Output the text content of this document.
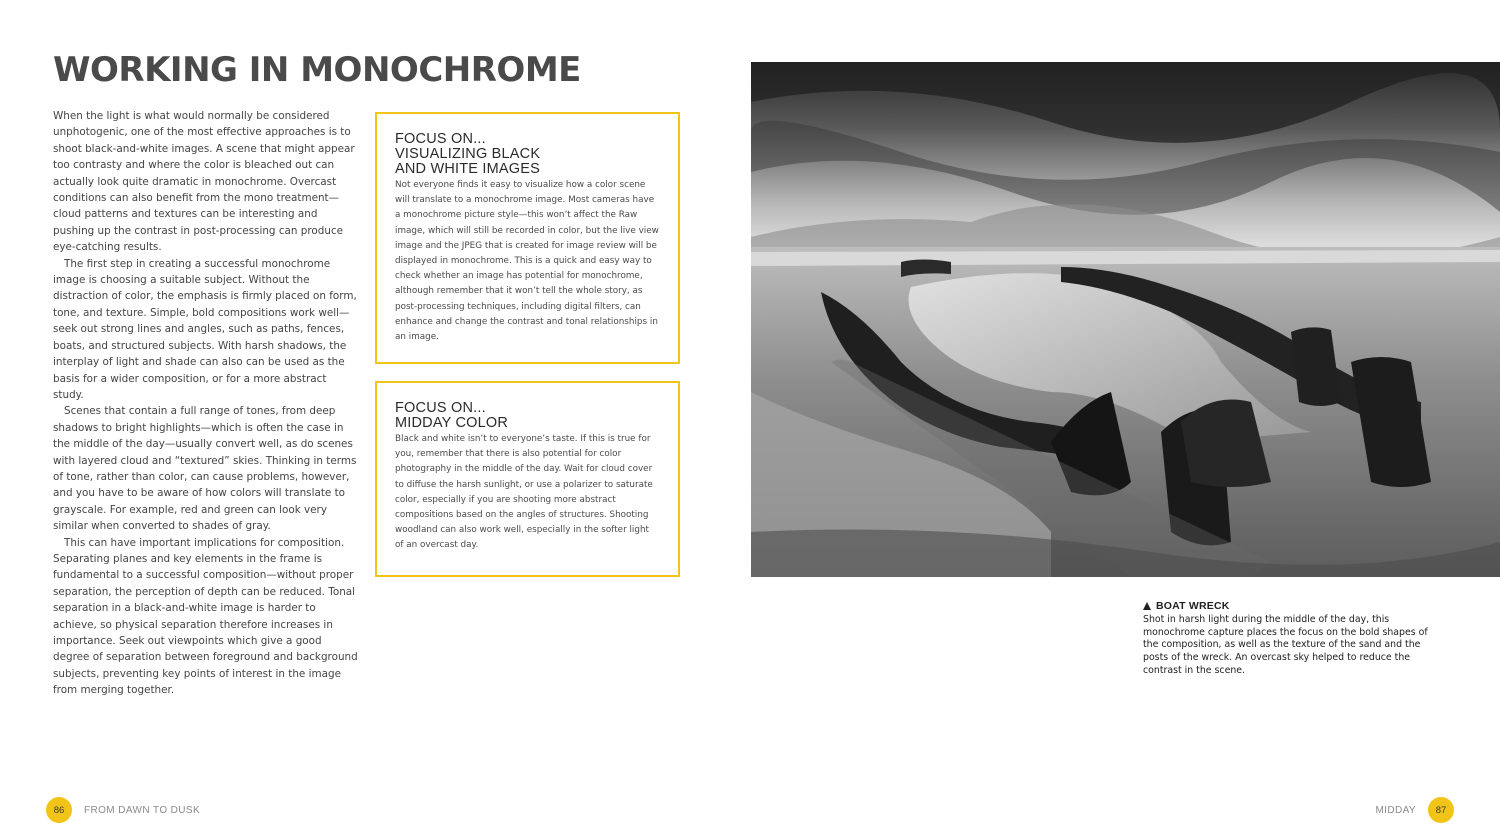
WORKING IN MONOCHROME

When the light is what would normally be considered unphotogenic, one of the most effective approaches is to shoot black-and-white images. A scene that might appear too contrasty and where the color is bleached out can actually look quite dramatic in monochrome. Overcast conditions can also benefit from the mono treatment—cloud patterns and textures can be interesting and pushing up the contrast in post-processing can produce eye-catching results.

The first step in creating a successful monochrome image is choosing a suitable subject. Without the distraction of color, the emphasis is firmly placed on form, tone, and texture. Simple, bold compositions work well—seek out strong lines and angles, such as paths, fences, boats, and structured subjects. With harsh shadows, the interplay of light and shade can also can be used as the basis for a wider composition, or for a more abstract study.

Scenes that contain a full range of tones, from deep shadows to bright highlights—which is often the case in the middle of the day—usually convert well, as do scenes with layered cloud and “textured” skies. Thinking in terms of tone, rather than color, can cause problems, however, and you have to be aware of how colors will translate to grayscale. For example, red and green can look very similar when converted to shades of gray.

This can have important implications for composition. Separating planes and key elements in the frame is fundamental to a successful composition—without proper separation, the perception of depth can be reduced. Tonal separation in a black-and-white image is harder to achieve, so physical separation therefore increases in importance. Seek out viewpoints which give a good degree of separation between foreground and background subjects, preventing key points of interest in the image from merging together.

FOCUS ON...
VISUALIZING BLACK
AND WHITE IMAGES
Not everyone finds it easy to visualize how a color scene will translate to a monochrome image. Most cameras have a monochrome picture style—this won’t affect the Raw image, which will still be recorded in color, but the live view image and the JPEG that is created for image review will be displayed in monochrome. This is a quick and easy way to check whether an image has potential for monochrome, although remember that it won’t tell the whole story, as post-processing techniques, including digital filters, can enhance and change the contrast and tonal relationships in an image.
FOCUS ON...
MIDDAY COLOR
Black and white isn’t to everyone’s taste. If this is true for you, remember that there is also potential for color photography in the middle of the day. Wait for cloud cover to diffuse the harsh sunlight, or use a polarizer to saturate color, especially if you are shooting more abstract compositions based on the angles of structures. Shooting woodland can also work well, especially in the softer light of an overcast day.
BOAT WRECK
Shot in harsh light during the middle of the day, this monochrome capture places the focus on the bold shapes of the composition, as well as the texture of the sand and the posts of the wreck. An overcast sky helped to reduce the contrast in the scene.
86	FROM DAWN TO DUSK	MIDDAY	87
